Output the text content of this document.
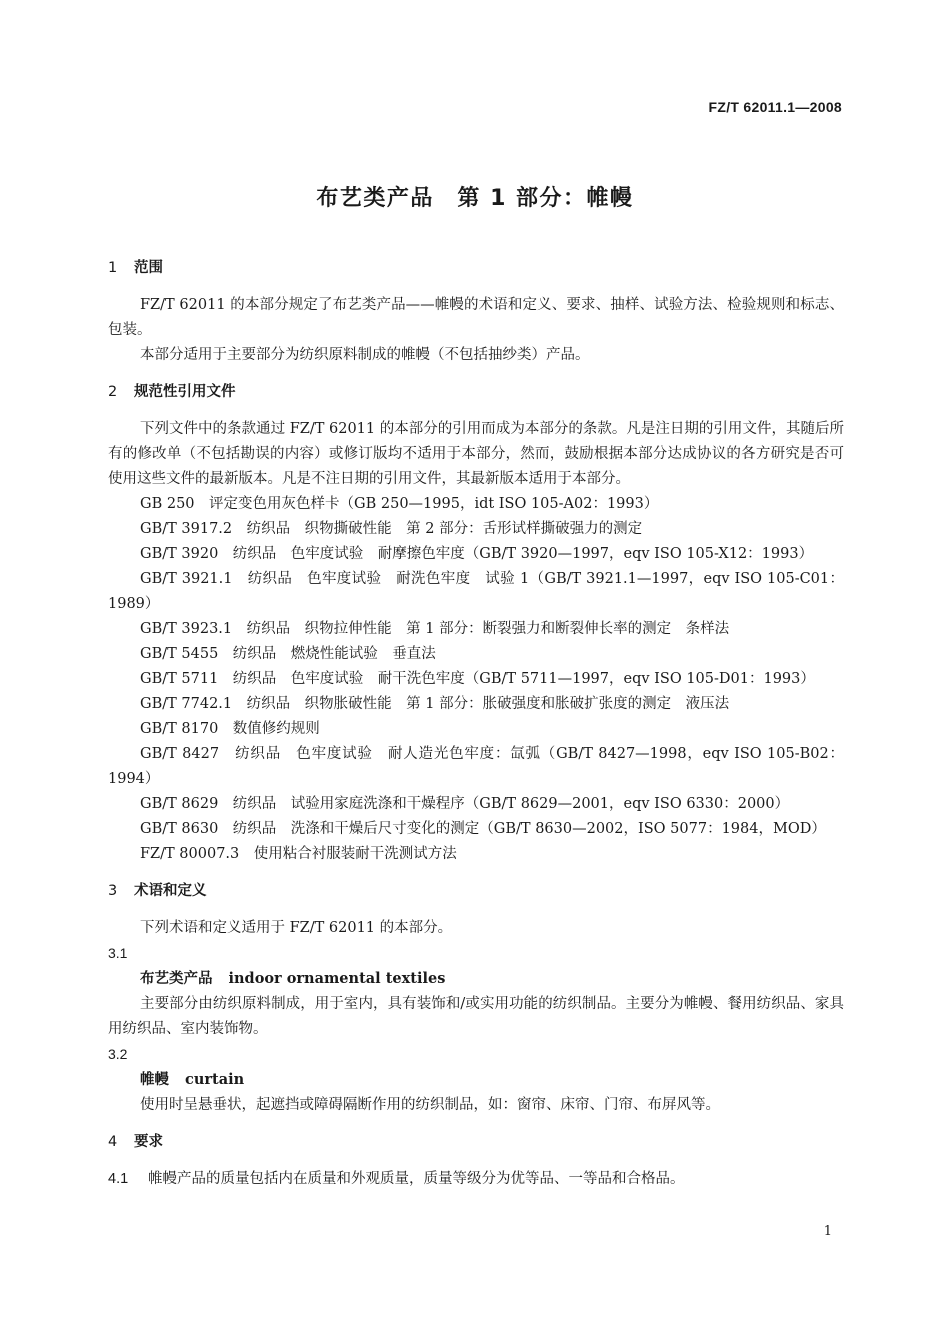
FZ/T 62011.1—2008
布艺类产品　第 1 部分：帷幔
1 范围

FZ/T 62011 的本部分规定了布艺类产品——帷幔的术语和定义、要求、抽样、试验方法、检验规则和标志、包装。

本部分适用于主要部分为纺织原料制成的帷幔（不包括抽纱类）产品。

2 规范性引用文件

下列文件中的条款通过 FZ/T 62011 的本部分的引用而成为本部分的条款。凡是注日期的引用文件，其随后所有的修改单（不包括勘误的内容）或修订版均不适用于本部分，然而，鼓励根据本部分达成协议的各方研究是否可使用这些文件的最新版本。凡是不注日期的引用文件，其最新版本适用于本部分。

GB 250　评定变色用灰色样卡（GB 250—1995，idt ISO 105-A02：1993）

GB/T 3917.2　纺织品　织物撕破性能　第 2 部分：舌形试样撕破强力的测定

GB/T 3920　纺织品　色牢度试验　耐摩擦色牢度（GB/T 3920—1997，eqv ISO 105-X12：1993）

GB/T 3921.1　纺织品　色牢度试验　耐洗色牢度　试验 1（GB/T 3921.1—1997，eqv ISO 105-C01：1989）

GB/T 3923.1　纺织品　织物拉伸性能　第 1 部分：断裂强力和断裂伸长率的测定　条样法

GB/T 5455　纺织品　燃烧性能试验　垂直法

GB/T 5711　纺织品　色牢度试验　耐干洗色牢度（GB/T 5711—1997，eqv ISO 105-D01：1993）

GB/T 7742.1　纺织品　织物胀破性能　第 1 部分：胀破强度和胀破扩张度的测定　液压法

GB/T 8170　数值修约规则

GB/T 8427　纺织品　色牢度试验　耐人造光色牢度：氙弧（GB/T 8427—1998，eqv ISO 105-B02：1994）

GB/T 8629　纺织品　试验用家庭洗涤和干燥程序（GB/T 8629—2001，eqv ISO 6330：2000）

GB/T 8630　纺织品　洗涤和干燥后尺寸变化的测定（GB/T 8630—2002，ISO 5077：1984，MOD）

FZ/T 80007.3　使用粘合衬服装耐干洗测试方法

3 术语和定义

下列术语和定义适用于 FZ/T 62011 的本部分。

3.1

布艺类产品 indoor ornamental textiles

主要部分由纺织原料制成，用于室内，具有装饰和/或实用功能的纺织制品。主要分为帷幔、餐用纺织品、家具用纺织品、室内装饰物。

3.2

帷幔 curtain

使用时呈悬垂状，起遮挡或障碍隔断作用的纺织制品，如：窗帘、床帘、门帘、布屏风等。

4 要求

4.1 帷幔产品的质量包括内在质量和外观质量，质量等级分为优等品、一等品和合格品。

1
